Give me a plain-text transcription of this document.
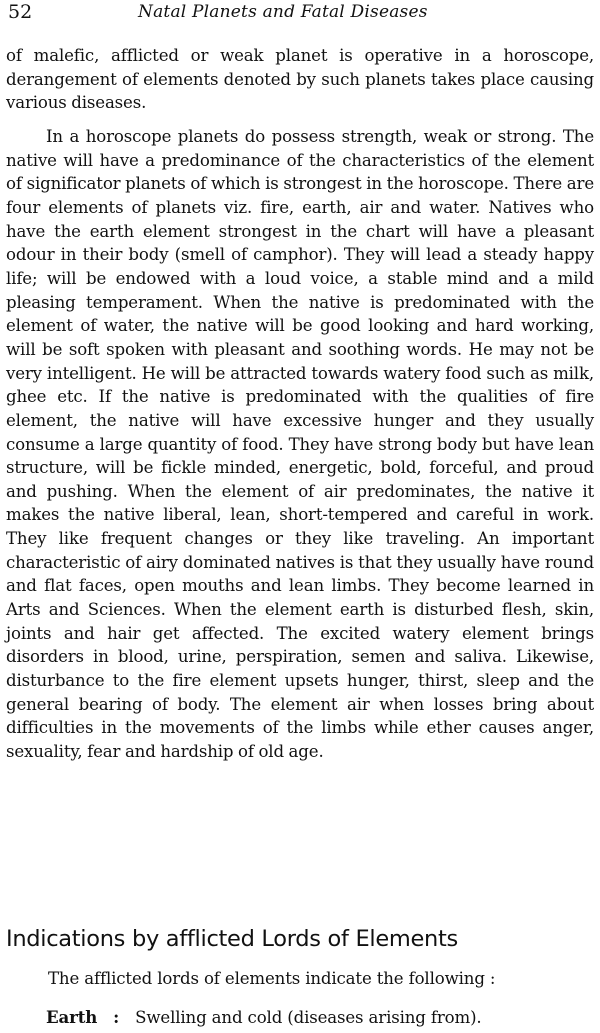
52	Natal Planets and Fatal Diseases

of malefic, afflicted or weak planet is operative in a horoscope, derangement of elements denoted by such planets takes place causing various diseases.

In a horoscope planets do possess strength, weak or strong. The native will have a predominance of the characteristics of the element of significator planets of which is strongest in the horoscope. There are four elements of planets viz. fire, earth, air and water. Natives who have the earth element strongest in the chart will have a pleasant odour in their body (smell of camphor). They will lead a steady happy life; will be endowed with a loud voice, a stable mind and a mild pleasing temperament. When the native is predominated with the element of water, the native will be good looking and hard working, will be soft spoken with pleasant and soothing words. He may not be very intelligent. He will be attracted towards watery food such as milk, ghee etc. If the native is predominated with the qualities of fire element, the native will have excessive hunger and they usually consume a large quantity of food. They have strong body but have lean structure, will be fickle minded, energetic, bold, forceful, and proud and pushing. When the element of air predominates, the native it makes the native liberal, lean, short-tempered and careful in work. They like frequent changes or they like traveling. An important characteristic of airy dominated natives is that they usually have round and flat faces, open mouths and lean limbs. They become learned in Arts and Sciences. When the element earth is disturbed flesh, skin, joints and hair get affected. The excited watery element brings disorders in blood, urine, perspiration, semen and saliva. Likewise, disturbance to the fire element upsets hunger, thirst, sleep and the general bearing of body. The element air when losses bring about difficulties in the movements of the limbs while ether causes anger, sexuality, fear and hardship of old age.

Indications by afflicted Lords of Elements
The afflicted lords of elements indicate the following :
Earth : Swelling and cold (diseases arising from).
